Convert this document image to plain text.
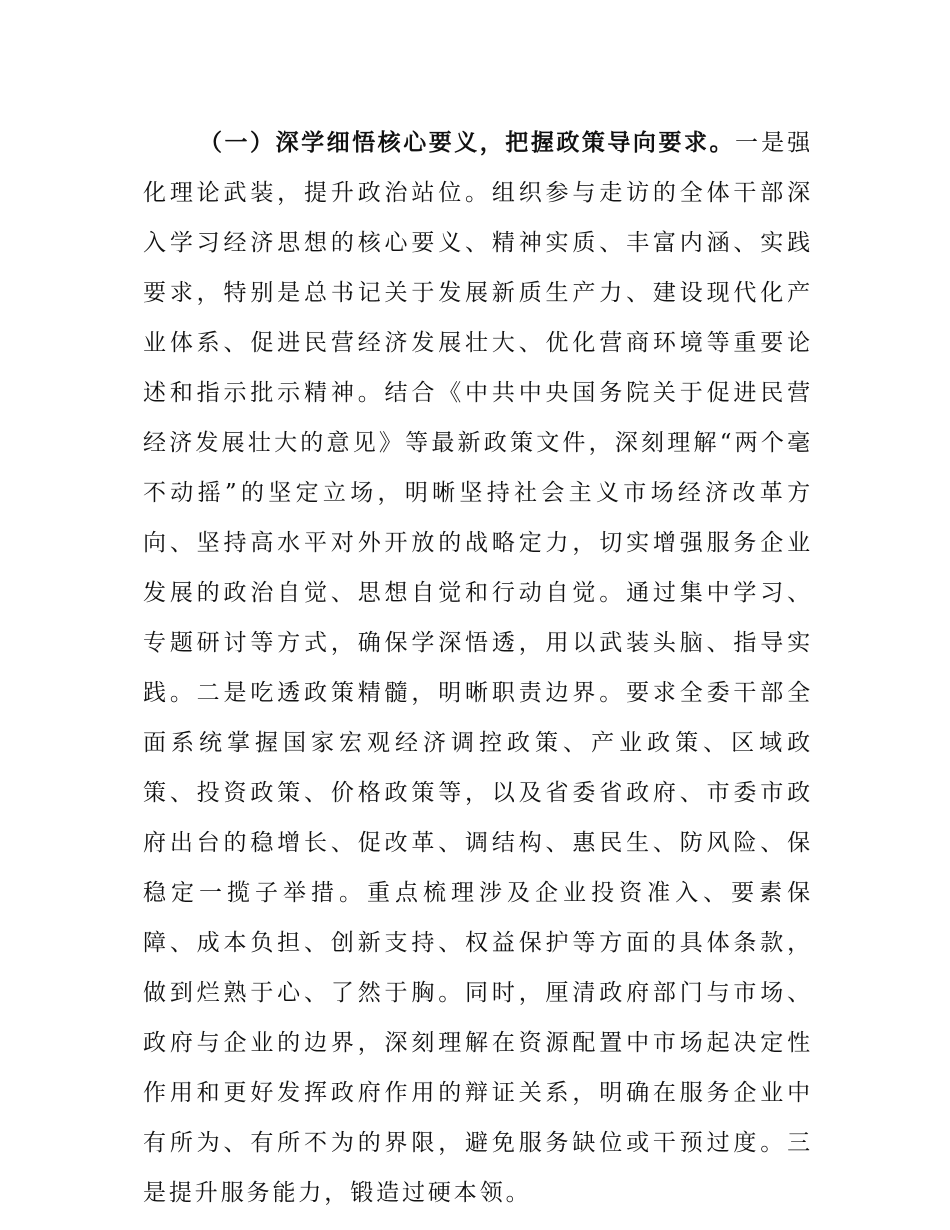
（一）深学细悟核心要义，把握政策导向要求。一是强化理论武装，提升政治站位。组织参与走访的全体干部深入学习经济思想的核心要义、精神实质、丰富内涵、实践要求，特别是总书记关于发展新质生产力、建设现代化产业体系、促进民营经济发展壮大、优化营商环境等重要论述和指示批示精神。结合《中共中央国务院关于促进民营经济发展壮大的意见》等最新政策文件，深刻理解“两个毫不动摇”的坚定立场，明晰坚持社会主义市场经济改革方向、坚持高水平对外开放的战略定力，切实增强服务企业发展的政治自觉、思想自觉和行动自觉。通过集中学习、专题研讨等方式，确保学深悟透，用以武装头脑、指导实践。二是吃透政策精髓，明晰职责边界。要求全委干部全面系统掌握国家宏观经济调控政策、产业政策、区域政策、投资政策、价格政策等，以及省委省政府、市委市政府出台的稳增长、促改革、调结构、惠民生、防风险、保稳定一揽子举措。重点梳理涉及企业投资准入、要素保障、成本负担、创新支持、权益保护等方面的具体条款，做到烂熟于心、了然于胸。同时，厘清政府部门与市场、政府与企业的边界，深刻理解在资源配置中市场起决定性作用和更好发挥政府作用的辩证关系，明确在服务企业中有所为、有所不为的界限，避免服务缺位或干预过度。三是提升服务能力，锻造过硬本领。
